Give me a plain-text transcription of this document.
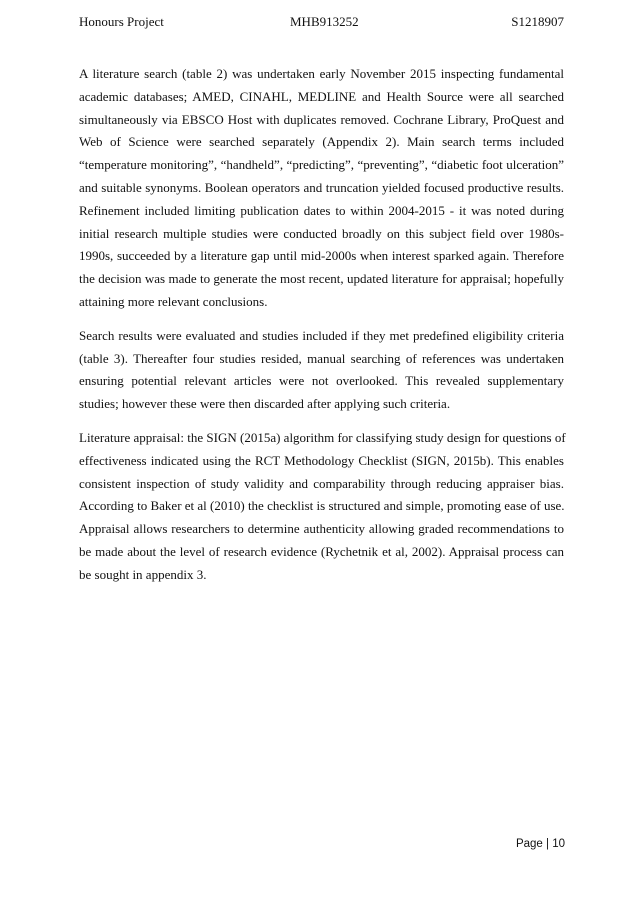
Honours Project	MHB913252	S1218907

A literature search (table 2) was undertaken early November 2015 inspecting fundamental
academic databases; AMED, CINAHL, MEDLINE and Health Source were all searched
simultaneously via EBSCO Host with duplicates removed. Cochrane Library, ProQuest and
Web of Science were searched separately (Appendix 2). Main search terms included
“temperature monitoring”, “handheld”, “predicting”, “preventing”, “diabetic foot ulceration”
and suitable synonyms. Boolean operators and truncation yielded focused productive results.
Refinement included limiting publication dates to within 2004-2015 - it was noted during
initial research multiple studies were conducted broadly on this subject field over 1980s-
1990s, succeeded by a literature gap until mid-2000s when interest sparked again. Therefore
the decision was made to generate the most recent, updated literature for appraisal; hopefully
attaining more relevant conclusions.

Search results were evaluated and studies included if they met predefined eligibility criteria
(table 3). Thereafter four studies resided, manual searching of references was undertaken
ensuring potential relevant articles were not overlooked. This revealed supplementary
studies; however these were then discarded after applying such criteria.

Literature appraisal: the SIGN (2015a) algorithm for classifying study design for questions of
effectiveness indicated using the RCT Methodology Checklist (SIGN, 2015b). This enables
consistent inspection of study validity and comparability through reducing appraiser bias.
According to Baker et al (2010) the checklist is structured and simple, promoting ease of use.
Appraisal allows researchers to determine authenticity allowing graded recommendations to
be made about the level of research evidence (Rychetnik et al, 2002). Appraisal process can
be sought in appendix 3.

Page | 10
